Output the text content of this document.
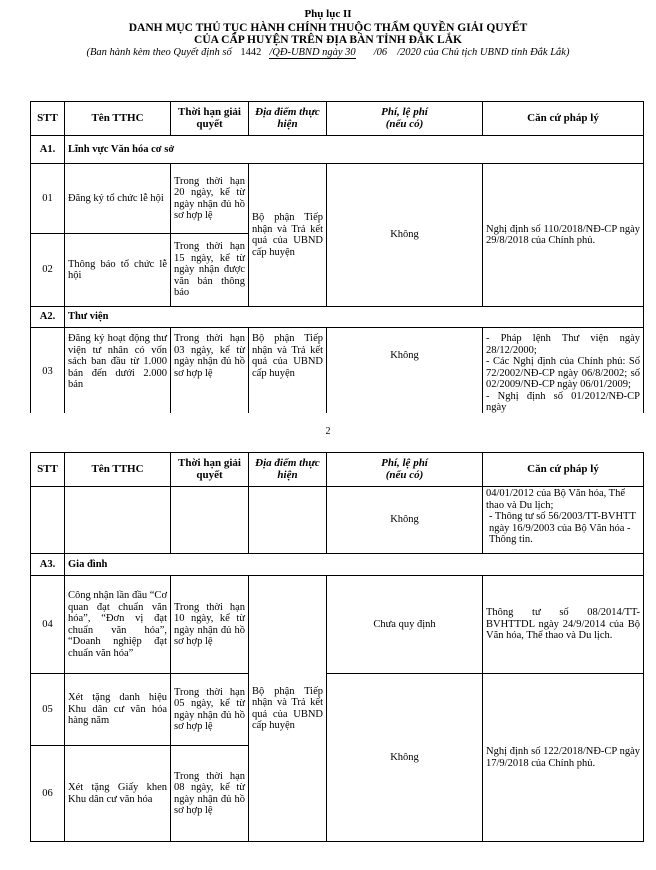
Phụ lục II
DANH MỤC THỦ TỤC HÀNH CHÍNH THUỘC THẨM QUYỀN GIẢI QUYẾT
CỦA CẤP HUYỆN TRÊN ĐỊA BÀN TỈNH ĐẮK LẮK
(Ban hành kèm theo Quyết định số 1442 /QĐ-UBND ngày 30 /06 /2020 của Chủ tịch UBND tỉnh Đắk Lắk)
STT	Tên TTHC	Thời hạn giải quyết	Địa điểm thực hiện	Phí, lệ phí
(nếu có)	Căn cứ pháp lý
A1.	Lĩnh vực Văn hóa cơ sở				
01	Đăng ký tổ chức lễ hội	Trong thời hạn 20 ngày, kể từ ngày nhận đủ hồ sơ hợp lệ	Bộ phận Tiếp nhận và Trả kết quả của UBND cấp huyện	Không	Nghị định số 110/2018/NĐ-CP ngày 29/8/2018 của Chính phủ.
02	Thông báo tổ chức lễ hội	Trong thời hạn 15 ngày, kể từ ngày nhận được văn bản thông báo			
A2.	Thư viện				
03	Đăng ký hoạt động thư viện tư nhân có vốn sách ban đầu từ 1.000 bản đến dưới 2.000 bản	Trong thời hạn 03 ngày, kể từ ngày nhận đủ hồ sơ hợp lệ	Bộ phận Tiếp nhận và Trả kết quả của UBND cấp huyện	Không	- Pháp lệnh Thư viện ngày 28/12/2000;
- Các Nghị định của Chính phủ: Số 72/2002/NĐ-CP ngày 06/8/2002; số 02/2009/NĐ-CP ngày 06/01/2009;
- Nghị định số 01/2012/NĐ-CP ngày
2
STT	Tên TTHC	Thời hạn giải quyết	Địa điểm thực hiện	Phí, lệ phí
(nếu có)	Căn cứ pháp lý
				Không	04/01/2012 của Bộ Văn hóa, Thể thao và Du lịch;
- Thông tư số 56/2003/TT-BVHTT ngày 16/9/2003 của Bộ Văn hóa - Thông tin.

A3.	Gia đình				
04	Công nhận lần đầu “Cơ quan đạt chuẩn văn hóa”, “Đơn vị đạt chuẩn văn hóa”, “Doanh nghiệp đạt chuẩn văn hóa”	Trong thời hạn 10 ngày, kể từ ngày nhận đủ hồ sơ hợp lệ	Bộ phận Tiếp nhận và Trả kết quả của UBND cấp huyện	Chưa quy định	Thông tư số 08/2014/TT-BVHTTDL ngày 24/9/2014 của Bộ Văn hóa, Thể thao và Du lịch.
05	Xét tặng danh hiệu Khu dân cư văn hóa hàng năm	Trong thời hạn 05 ngày, kể từ ngày nhận đủ hồ sơ hợp lệ		Không	Nghị định số 122/2018/NĐ-CP ngày 17/9/2018 của Chính phủ.
06	Xét tặng Giấy khen Khu dân cư văn hóa	Trong thời hạn 08 ngày, kể từ ngày nhận đủ hồ sơ hợp lệ			
